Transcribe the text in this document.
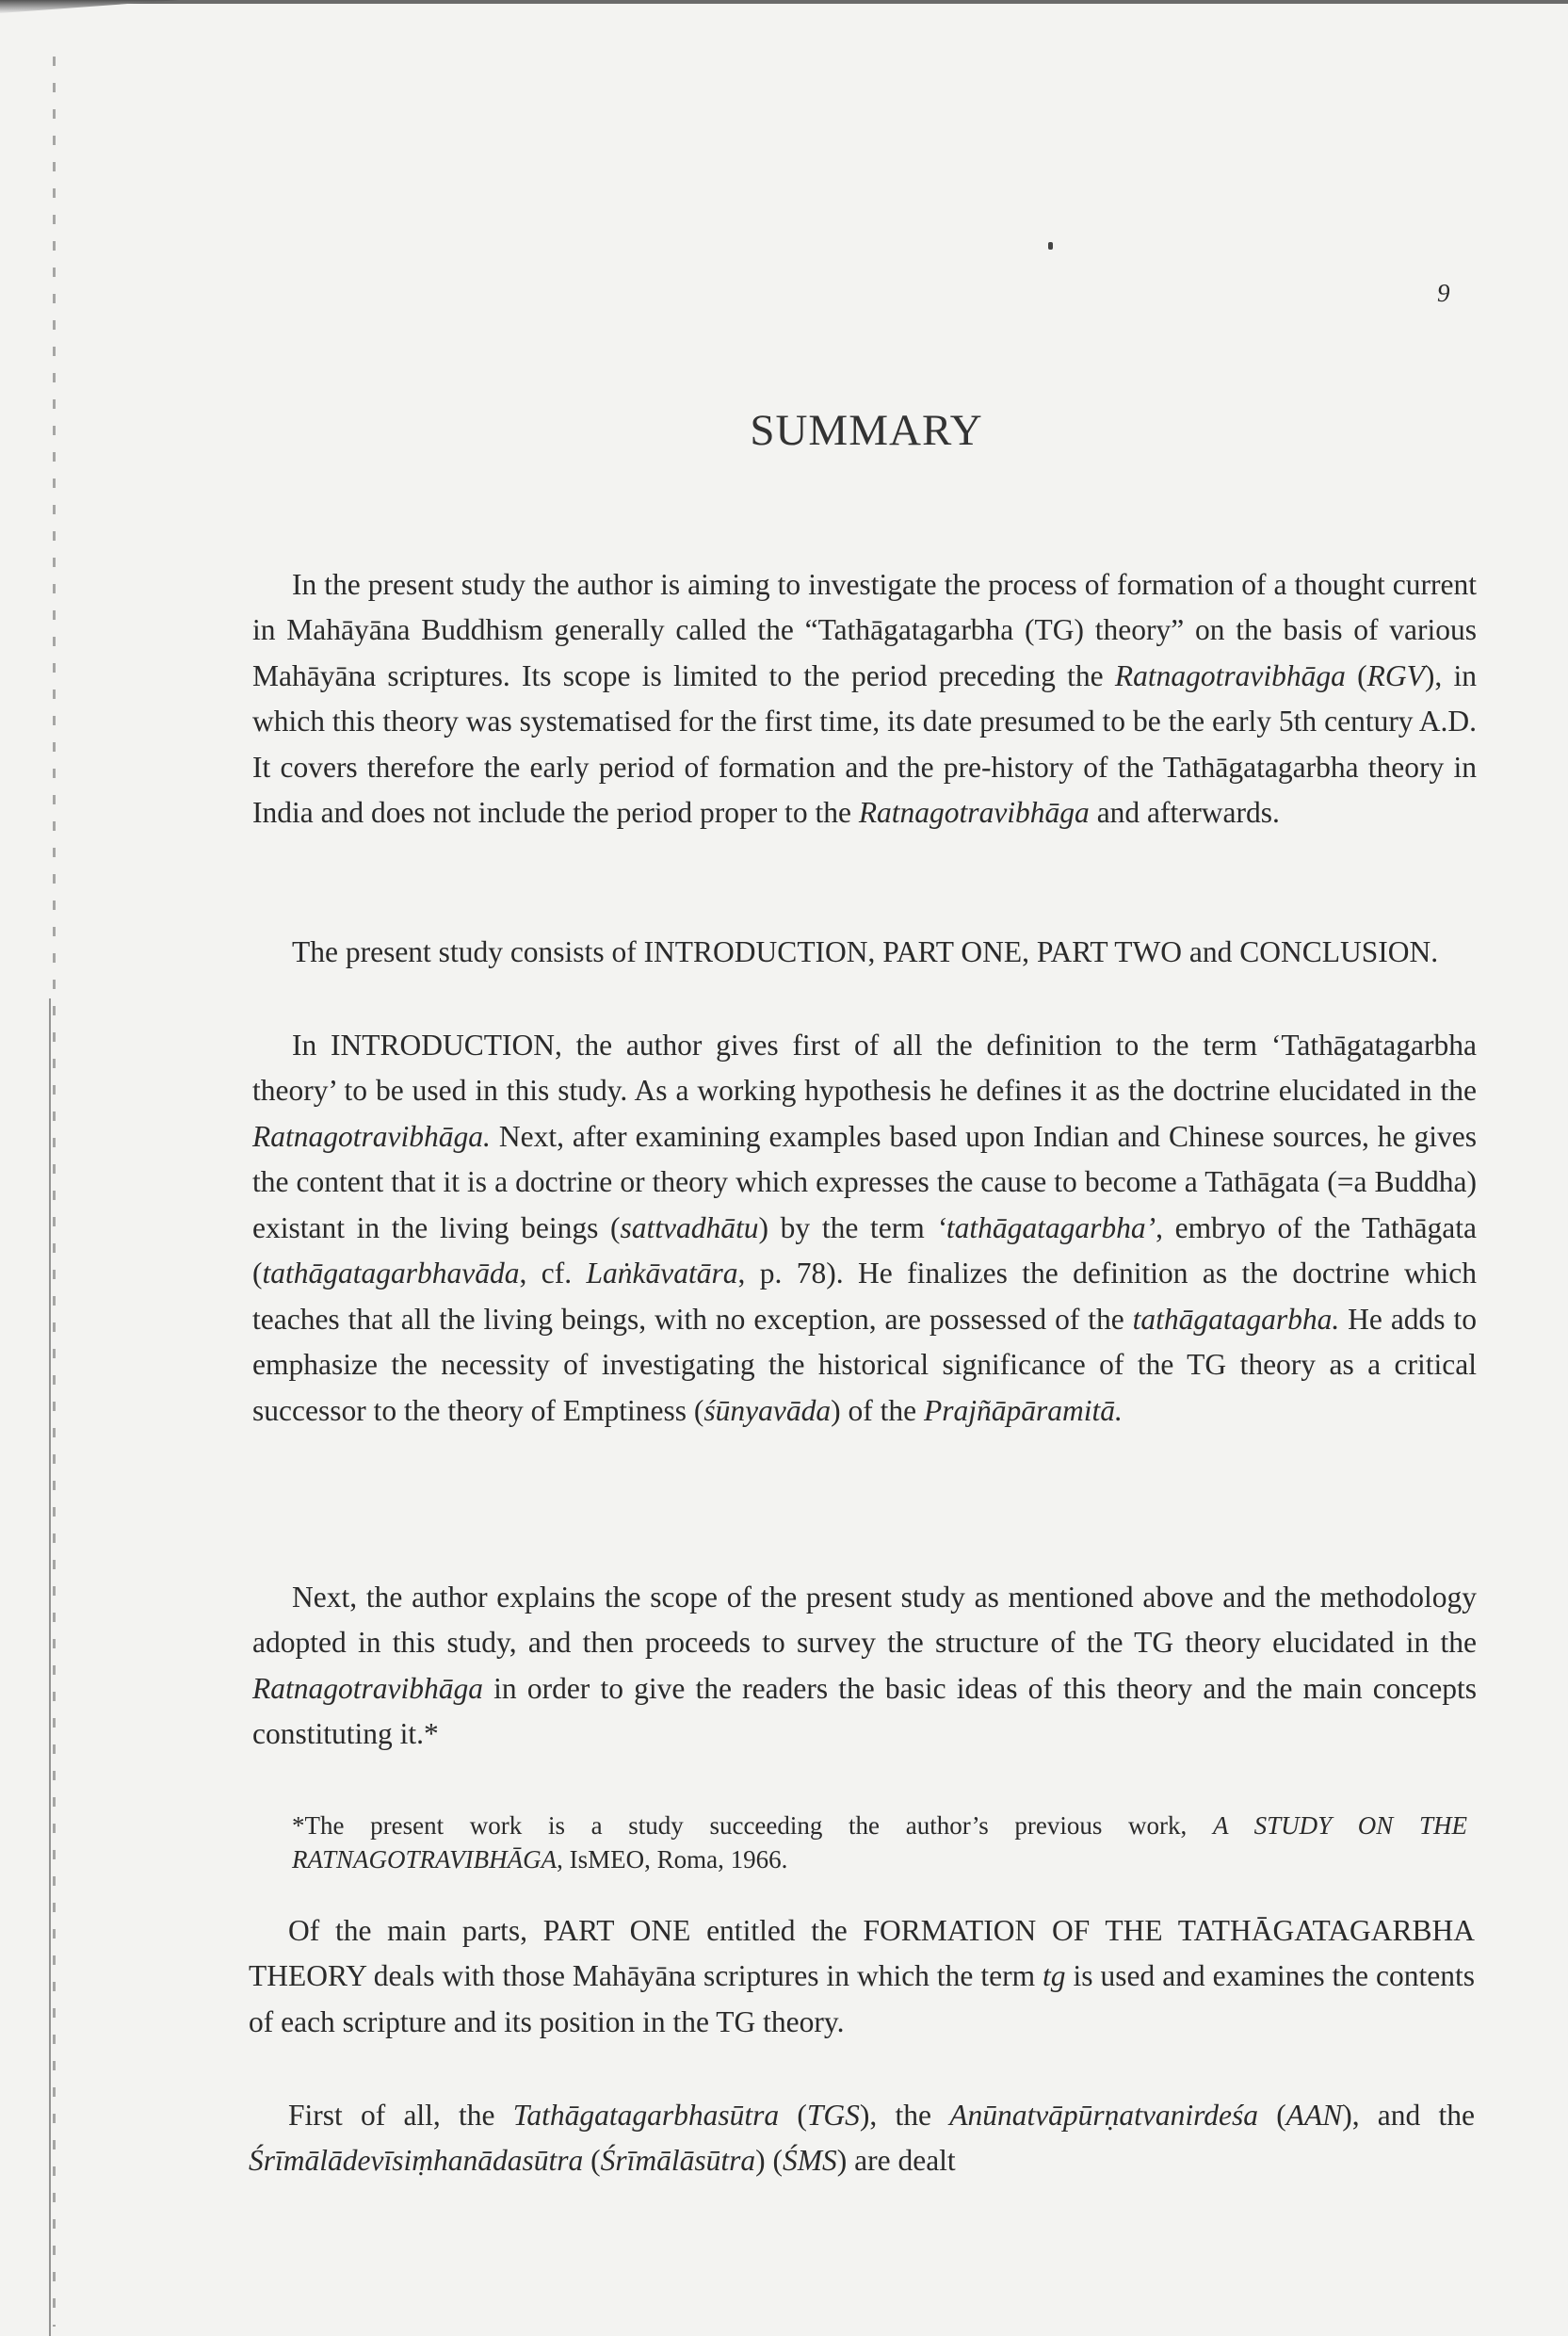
9
SUMMARY

In the present study the author is aiming to investigate the process of formation of a thought current in Mahāyāna Buddhism generally called the “Tathāgatagarbha (TG) theory” on the basis of various Mahāyāna scriptures. Its scope is limited to the period preceding the Ratnagotravibhāga (RGV), in which this theory was systematised for the first time, its date presumed to be the early 5th century A.D. It covers therefore the early period of formation and the pre-history of the Tathāgatagarbha theory in India and does not include the period proper to the Ratnagotravibhāga and afterwards.

The present study consists of INTRODUCTION, PART ONE, PART TWO and CONCLUSION.

In INTRODUCTION, the author gives first of all the definition to the term ‘Tathāgatagarbha theory’ to be used in this study. As a working hypothesis he defines it as the doctrine elucidated in the Ratnagotravibhāga. Next, after examining examples based upon Indian and Chinese sources, he gives the content that it is a doctrine or theory which expresses the cause to become a Tathāgata (=a Buddha) existant in the living beings (sattvadhātu) by the term ‘tathāgatagarbha’, embryo of the Tathāgata (tathāgatagarbhavāda, cf. Laṅkāvatāra, p. 78). He finalizes the definition as the doctrine which teaches that all the living beings, with no exception, are possessed of the tathāgatagarbha. He adds to emphasize the necessity of investigating the historical significance of the TG theory as a critical successor to the theory of Emptiness (śūnyavāda) of the Prajñāpāramitā.

Next, the author explains the scope of the present study as mentioned above and the methodology adopted in this study, and then proceeds to survey the structure of the TG theory elucidated in the Ratnagotravibhāga in order to give the readers the basic ideas of this theory and the main concepts constituting it.*

*The present work is a study succeeding the author’s previous work, A STUDY ON THE RATNAGOTRAVIBHĀGA, IsMEO, Roma, 1966.

Of the main parts, PART ONE entitled the FORMATION OF THE TATHĀGATAGARBHA THEORY deals with those Mahāyāna scriptures in which the term tg is used and examines the contents of each scripture and its position in the TG theory.

First of all, the Tathāgatagarbhasūtra (TGS), the Anūnatvāpūrṇatvanirdeśa (AAN), and the Śrīmālādevīsiṃhanādasūtra (Śrīmālāsūtra) (ŚMS) are dealt
